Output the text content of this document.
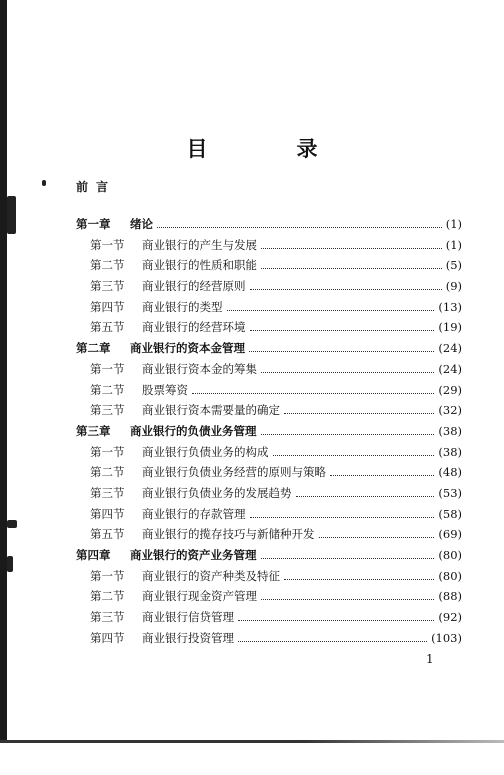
目　录
前言
第一章	绪论	(1)
第一节	商业银行的产生与发展	(1)
第二节	商业银行的性质和职能	(5)
第三节	商业银行的经营原则	(9)
第四节	商业银行的类型	(13)
第五节	商业银行的经营环境	(19)
第二章	商业银行的资本金管理	(24)
第一节	商业银行资本金的筹集	(24)
第二节	股票筹资	(29)
第三节	商业银行资本需要量的确定	(32)
第三章	商业银行的负债业务管理	(38)
第一节	商业银行负债业务的构成	(38)
第二节	商业银行负债业务经营的原则与策略	(48)
第三节	商业银行负债业务的发展趋势	(53)
第四节	商业银行的存款管理	(58)
第五节	商业银行的揽存技巧与新储种开发	(69)
第四章	商业银行的资产业务管理	(80)
第一节	商业银行的资产种类及特征	(80)
第二节	商业银行现金资产管理	(88)
第三节	商业银行信贷管理	(92)
第四节	商业银行投资管理	(103)
1
